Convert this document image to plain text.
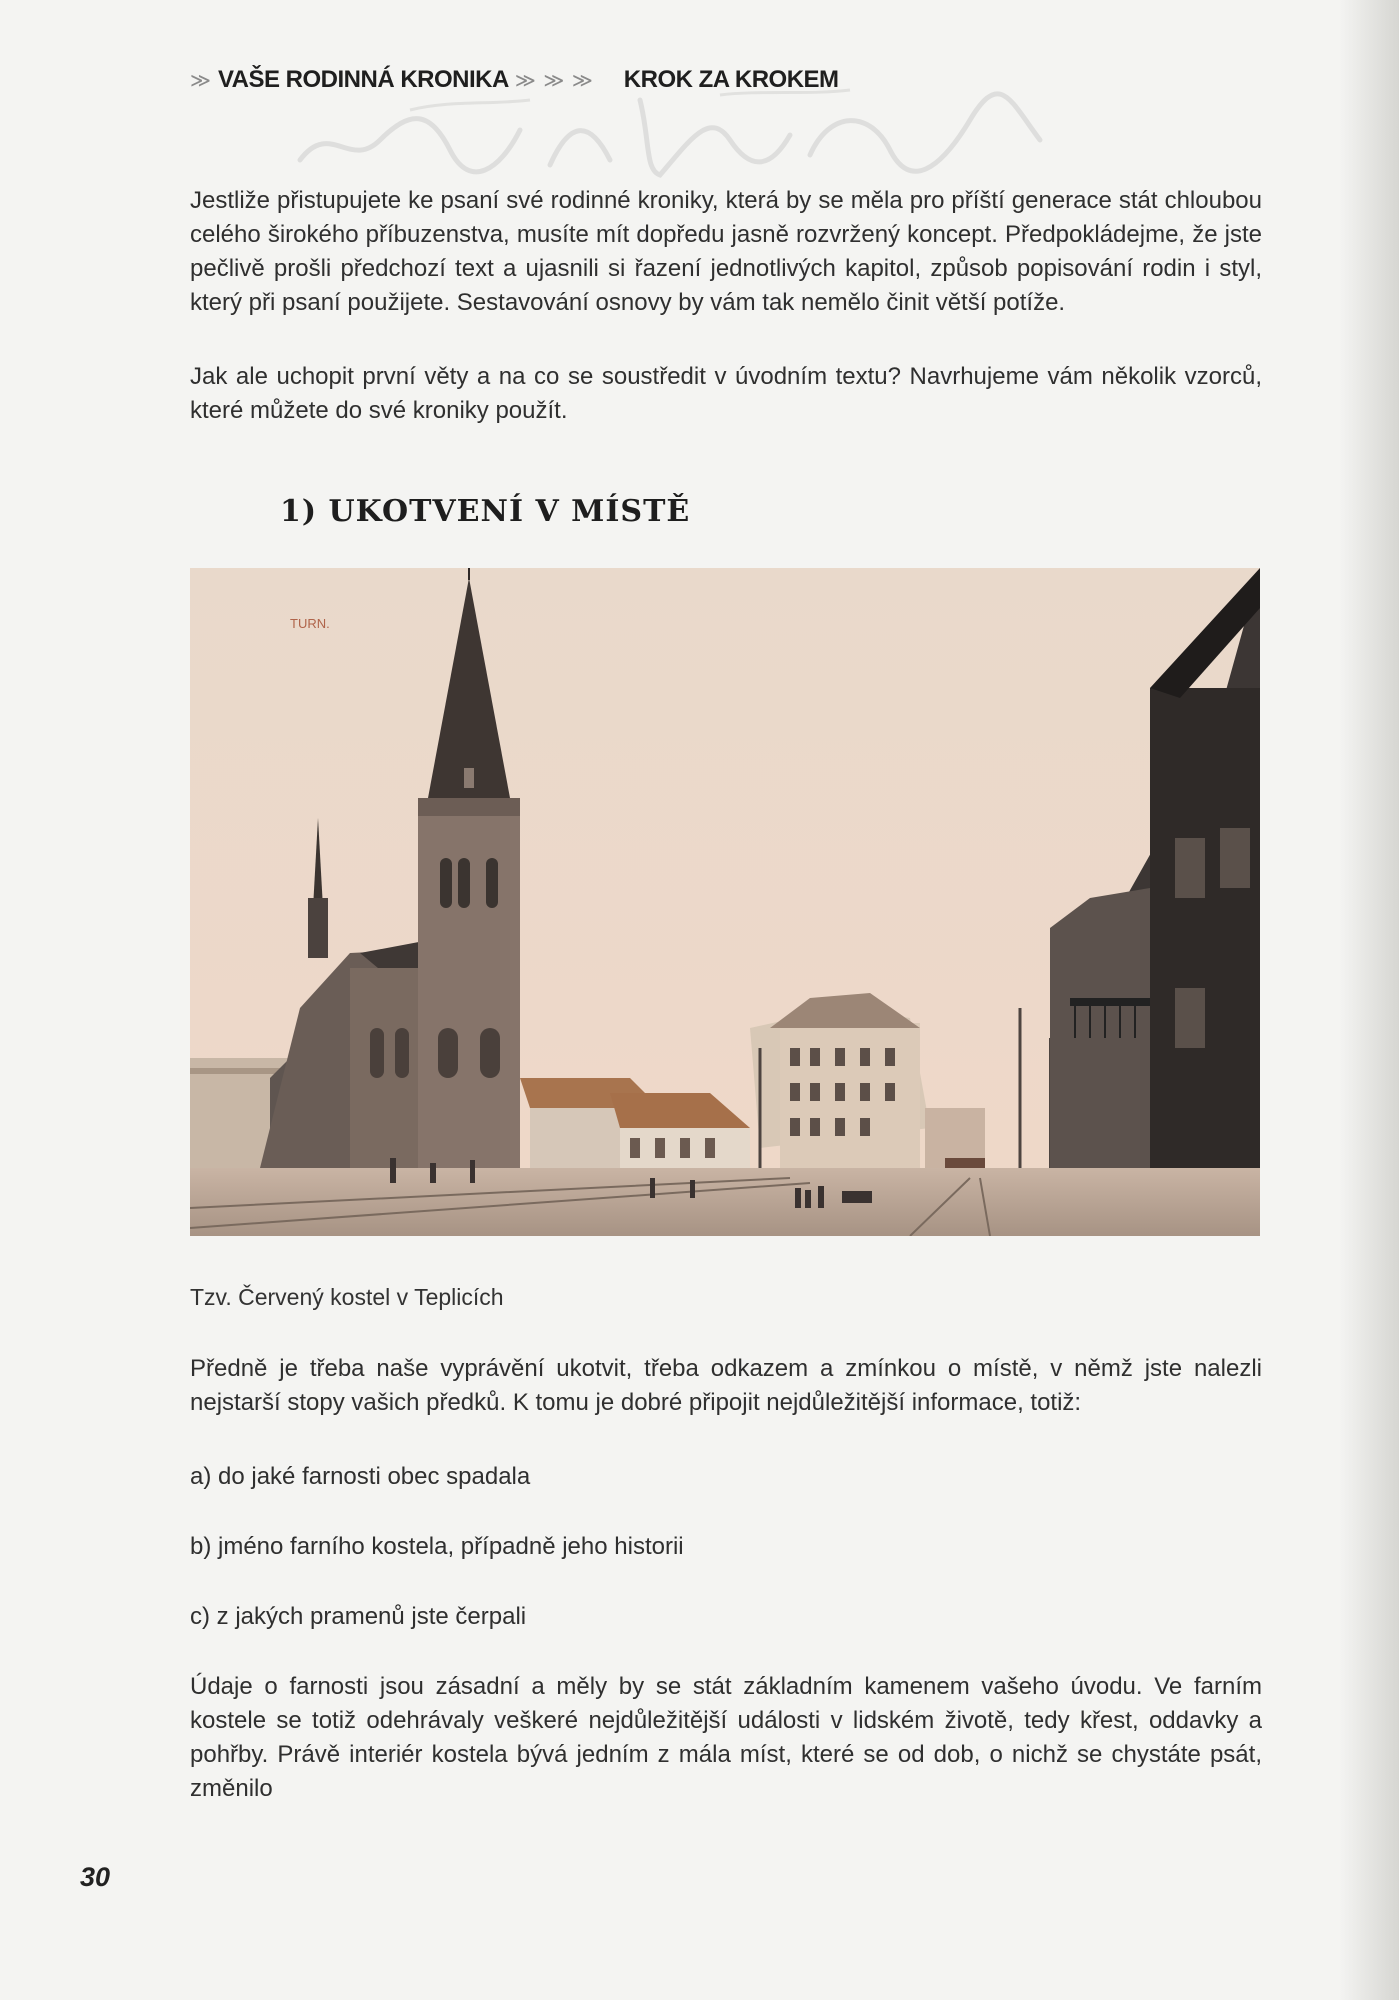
≫ VAŠE RODINNÁ KRONIKA ≫ ≫ ≫ KROK ZA KROKEM

Jestliže přistupujete ke psaní své rodinné kroniky, která by se měla pro příští generace stát chloubou celého širokého příbuzenstva, musíte mít dopředu jasně rozvržený koncept. Předpokládejme, že jste pečlivě prošli předchozí text a ujasnili si řazení jednotlivých kapitol, způsob popisování rodin i styl, který při psaní použijete. Sestavování osnovy by vám tak nemělo činit větší potíže.

Jak ale uchopit první věty a na co se soustředit v úvodním textu? Navrhujeme vám několik vzorců, které můžete do své kroniky použít.

1) UKOTVENÍ V MÍSTĚ
TURN.

Tzv. Červený kostel v Teplicích

Předně je třeba naše vyprávění ukotvit, třeba odkazem a zmínkou o místě, v němž jste nalezli nejstarší stopy vašich předků. K tomu je dobré připojit nejdůležitější informace, totiž:

a) do jaké farnosti obec spadala

b) jméno farního kostela, případně jeho historii

c) z jakých pramenů jste čerpali

Údaje o farnosti jsou zásadní a měly by se stát základním kamenem vašeho úvodu. Ve farním kostele se totiž odehrávaly veškeré nejdůležitější události v lidském životě, tedy křest, oddavky a pohřby. Právě interiér kostela bývá jedním z mála míst, které se od dob, o nichž se chystáte psát, změnilo

30
